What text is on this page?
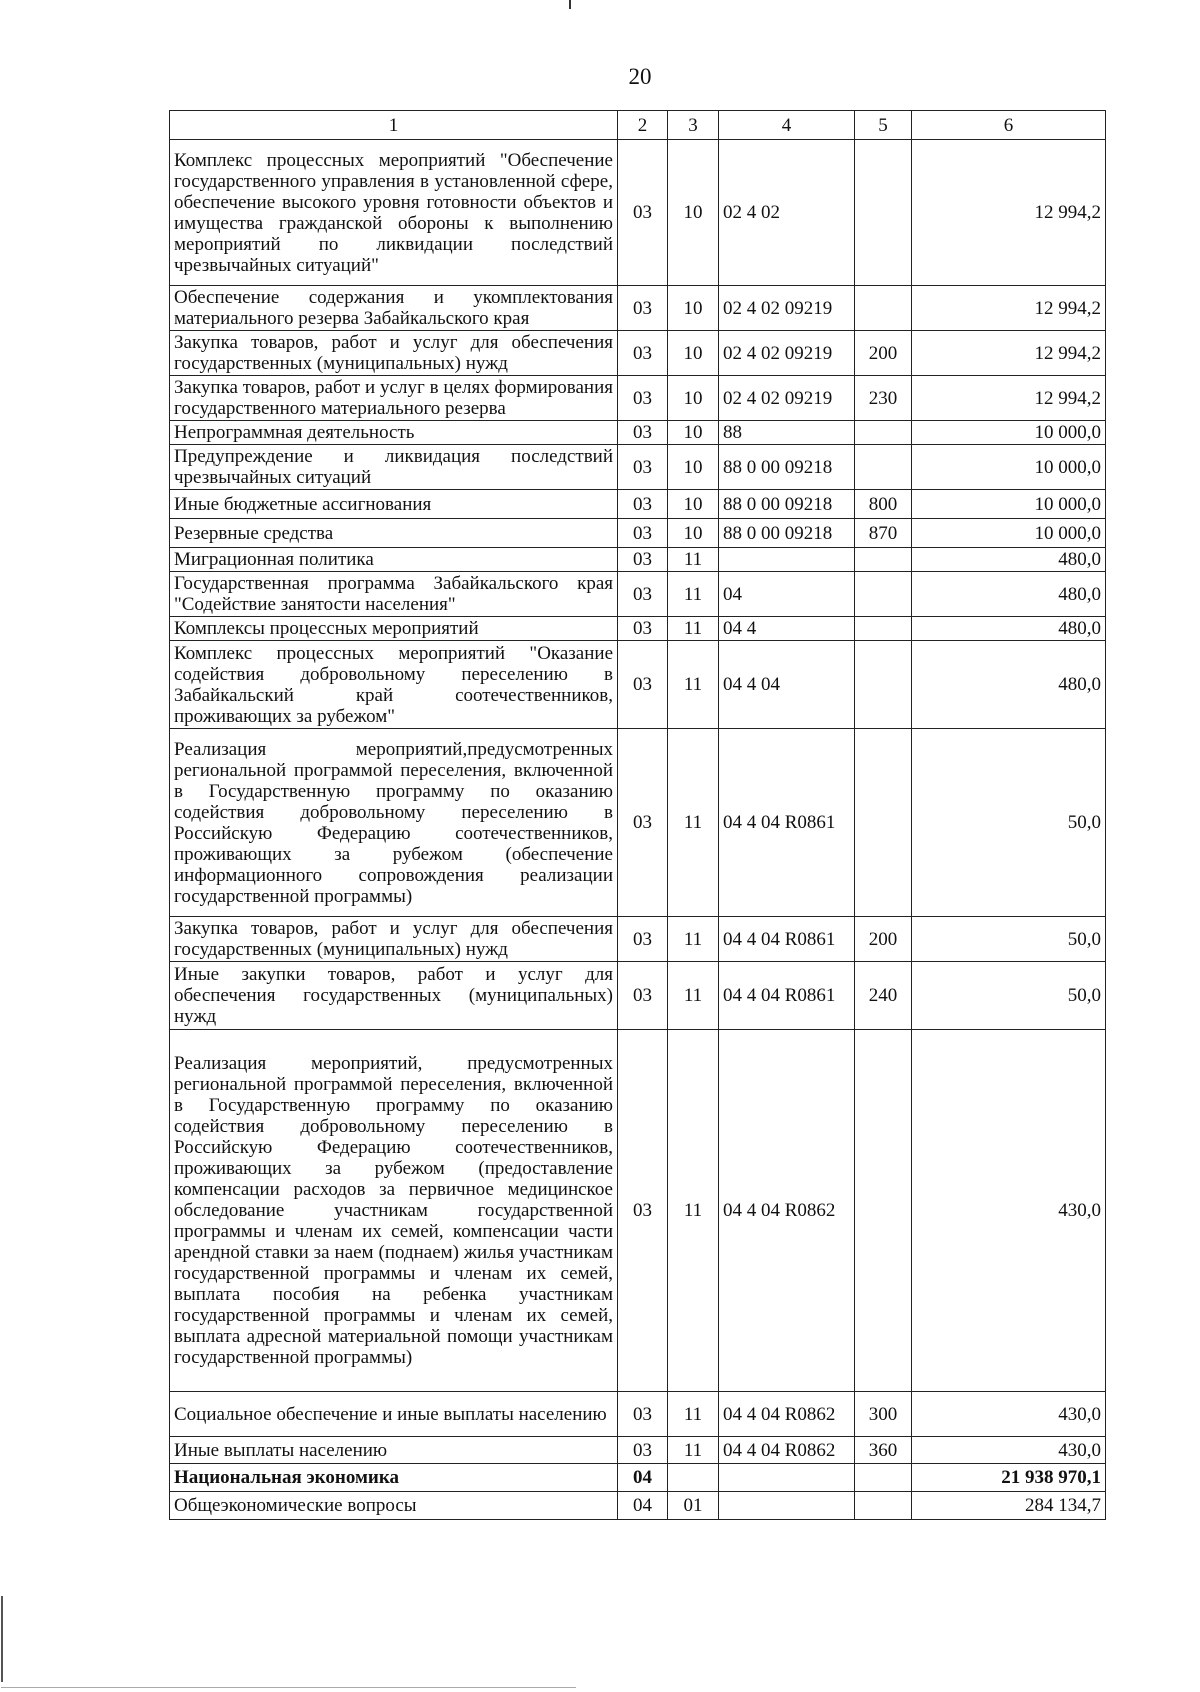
20
1	2	3	4	5	6
Комплекс процессных мероприятий "Обеспечение государственного управления в установленной сфере, обеспечение высокого уровня готовности объектов и имущества гражданской обороны к выполнению мероприятий по ликвидации последствий чрезвычайных ситуаций"	03	10	02 4 02		12 994,2
Обеспечение содержания и укомплектования материального резерва Забайкальского края	03	10	02 4 02 09219		12 994,2
Закупка товаров, работ и услуг для обеспечения государственных (муниципальных) нужд	03	10	02 4 02 09219	200	12 994,2
Закупка товаров, работ и услуг в целях формирования государственного материального резерва	03	10	02 4 02 09219	230	12 994,2
Непрограммная деятельность	03	10	88		10 000,0
Предупреждение и ликвидация последствий чрезвычайных ситуаций	03	10	88 0 00 09218		10 000,0
Иные бюджетные ассигнования	03	10	88 0 00 09218	800	10 000,0
Резервные средства	03	10	88 0 00 09218	870	10 000,0
Миграционная политика	03	11			480,0
Государственная программа Забайкальского края "Содействие занятости населения"	03	11	04		480,0
Комплексы процессных мероприятий	03	11	04 4		480,0
Комплекс процессных мероприятий "Оказание содействия добровольному переселению в Забайкальский край соотечественников, проживающих за рубежом"	03	11	04 4 04		480,0
Реализация мероприятий,предусмотренных региональной программой переселения, включенной в Государственную программу по оказанию содействия добровольному переселению в Российскую Федерацию соотечественников, проживающих за рубежом (обеспечение информационного сопровождения реализации государственной программы)	03	11	04 4 04 R0861		50,0
Закупка товаров, работ и услуг для обеспечения государственных (муниципальных) нужд	03	11	04 4 04 R0861	200	50,0
Иные закупки товаров, работ и услуг для обеспечения государственных (муниципальных) нужд	03	11	04 4 04 R0861	240	50,0
Реализация мероприятий, предусмотренных региональной программой переселения, включенной в Государственную программу по оказанию содействия добровольному переселению в Российскую Федерацию соотечественников, проживающих за рубежом (предоставление компенсации расходов за первичное медицинское обследование участникам государственной программы и членам их семей, компенсации части арендной ставки за наем (поднаем) жилья участникам государственной программы и членам их семей, выплата пособия на ребенка участникам государственной программы и членам их семей, выплата адресной материальной помощи участникам государственной программы)	03	11	04 4 04 R0862		430,0
Социальное обеспечение и иные выплаты населению	03	11	04 4 04 R0862	300	430,0
Иные выплаты населению	03	11	04 4 04 R0862	360	430,0
Национальная экономика	04				21 938 970,1
Общеэкономические вопросы	04	01			284 134,7
